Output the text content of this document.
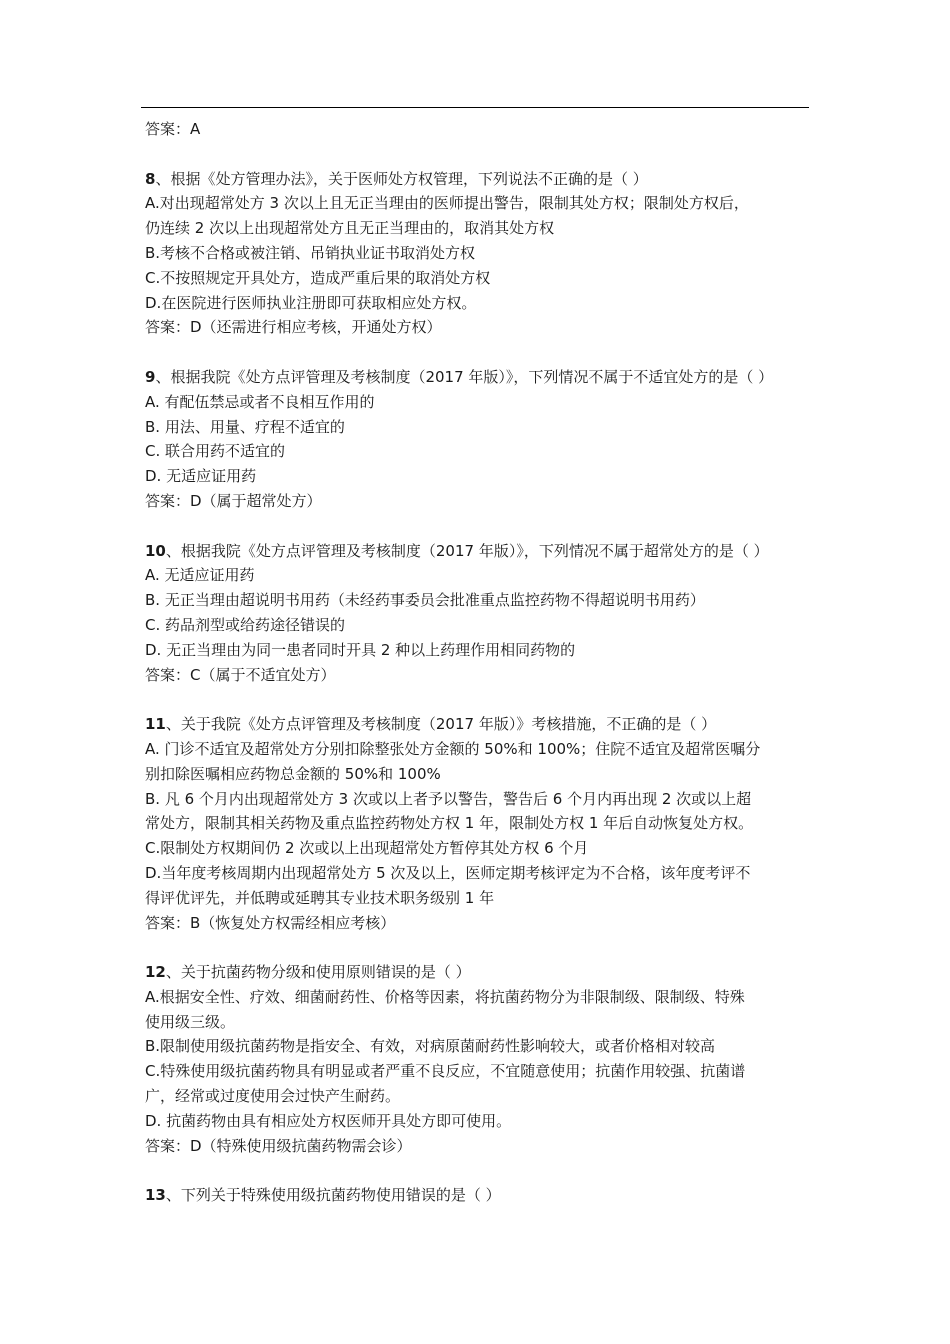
答案：A
8、根据《处方管理办法》，关于医师处方权管理，下列说法不正确的是（ ）
A.对出现超常处方 3 次以上且无正当理由的医师提出警告，限制其处方权；限制处方权后，
仍连续 2 次以上出现超常处方且无正当理由的，取消其处方权
B.考核不合格或被注销、吊销执业证书取消处方权
C.不按照规定开具处方，造成严重后果的取消处方权
D.在医院进行医师执业注册即可获取相应处方权。
答案：D（还需进行相应考核，开通处方权）
9、根据我院《处方点评管理及考核制度（2017 年版）》，下列情况不属于不适宜处方的是（ ）
A. 有配伍禁忌或者不良相互作用的
B. 用法、用量、疗程不适宜的
C. 联合用药不适宜的
D. 无适应证用药
答案：D（属于超常处方）
10、根据我院《处方点评管理及考核制度（2017 年版）》，下列情况不属于超常处方的是（ ）
A. 无适应证用药
B. 无正当理由超说明书用药（未经药事委员会批准重点监控药物不得超说明书用药）
C. 药品剂型或给药途径错误的
D. 无正当理由为同一患者同时开具 2 种以上药理作用相同药物的
答案：C（属于不适宜处方）
11、关于我院《处方点评管理及考核制度（2017 年版）》考核措施，不正确的是（ ）
A. 门诊不适宜及超常处方分别扣除整张处方金额的 50%和 100%；住院不适宜及超常医嘱分
别扣除医嘱相应药物总金额的 50%和 100%
B. 凡 6 个月内出现超常处方 3 次或以上者予以警告，警告后 6 个月内再出现 2 次或以上超
常处方，限制其相关药物及重点监控药物处方权 1 年，限制处方权 1 年后自动恢复处方权。
C.限制处方权期间仍 2 次或以上出现超常处方暂停其处方权 6 个月
D.当年度考核周期内出现超常处方 5 次及以上，医师定期考核评定为不合格，该年度考评不
得评优评先，并低聘或延聘其专业技术职务级别 1 年
答案：B（恢复处方权需经相应考核）
12、关于抗菌药物分级和使用原则错误的是（ ）
A.根据安全性、疗效、细菌耐药性、价格等因素，将抗菌药物分为非限制级、限制级、特殊
使用级三级。
B.限制使用级抗菌药物是指安全、有效，对病原菌耐药性影响较大，或者价格相对较高
C.特殊使用级抗菌药物具有明显或者严重不良反应，不宜随意使用；抗菌作用较强、抗菌谱
广，经常或过度使用会过快产生耐药。
D. 抗菌药物由具有相应处方权医师开具处方即可使用。
答案：D（特殊使用级抗菌药物需会诊）
13、下列关于特殊使用级抗菌药物使用错误的是（ ）
